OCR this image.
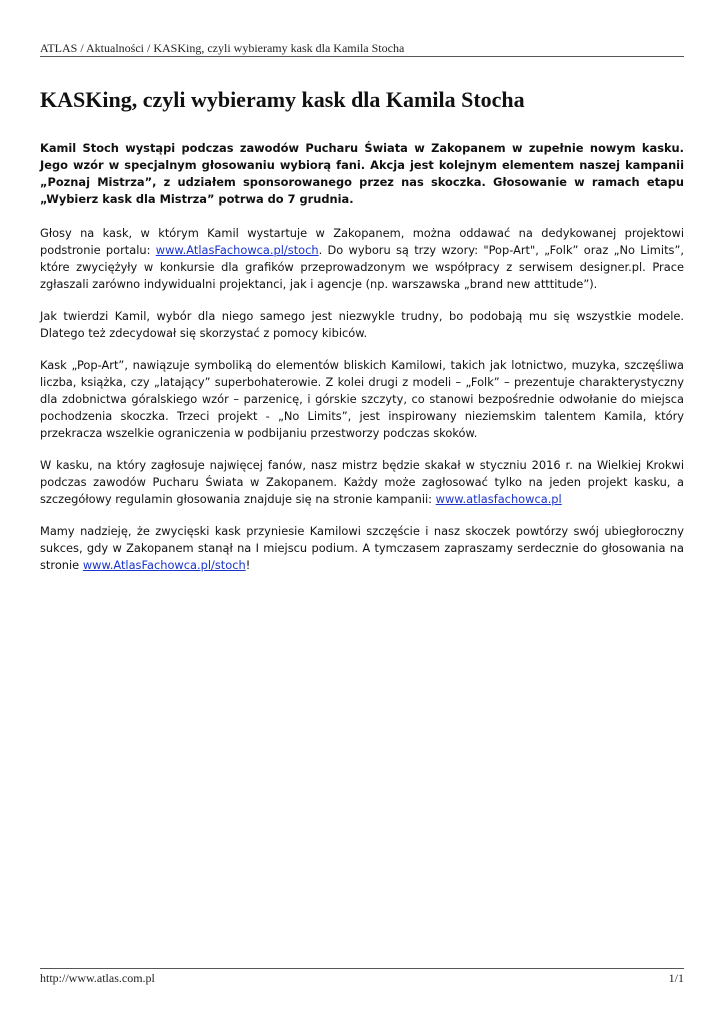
ATLAS / Aktualności / KASKing, czyli wybieramy kask dla Kamila Stocha
KASKing, czyli wybieramy kask dla Kamila Stocha

Kamil Stoch wystąpi podczas zawodów Pucharu Świata w Zakopanem w zupełnie nowym kasku. Jego wzór w specjalnym głosowaniu wybiorą fani. Akcja jest kolejnym elementem naszej kampanii „Poznaj Mistrza”, z udziałem sponsorowanego przez nas skoczka. Głosowanie w ramach etapu „Wybierz kask dla Mistrza” potrwa do 7 grudnia.

Głosy na kask, w którym Kamil wystartuje w Zakopanem, można oddawać na dedykowanej projektowi podstronie portalu: www.AtlasFachowca.pl/stoch. Do wyboru są trzy wzory: "Pop-Art", „Folk” oraz „No Limits”, które zwyciężyły w konkursie dla grafików przeprowadzonym we współpracy z serwisem designer.pl. Prace zgłaszali zarówno indywidualni projektanci, jak i agencje (np. warszawska „brand new atttitude”).

Jak twierdzi Kamil, wybór dla niego samego jest niezwykle trudny, bo podobają mu się wszystkie modele. Dlatego też zdecydował się skorzystać z pomocy kibiców.

Kask „Pop-Art”, nawiązuje symboliką do elementów bliskich Kamilowi, takich jak lotnictwo, muzyka, szczęśliwa liczba, książka, czy „latający” superbohaterowie. Z kolei drugi z modeli – „Folk” – prezentuje charakterystyczny dla zdobnictwa góralskiego wzór – parzenicę, i górskie szczyty, co stanowi bezpośrednie odwołanie do miejsca pochodzenia skoczka. Trzeci projekt - „No Limits”, jest inspirowany nieziemskim talentem Kamila, który przekracza wszelkie ograniczenia w podbijaniu przestworzy podczas skoków.

W kasku, na który zagłosuje najwięcej fanów, nasz mistrz będzie skakał w styczniu 2016 r. na Wielkiej Krokwi podczas zawodów Pucharu Świata w Zakopanem. Każdy może zagłosować tylko na jeden projekt kasku, a szczegółowy regulamin głosowania znajduje się na stronie kampanii: www.atlasfachowca.pl

Mamy nadzieję, że zwycięski kask przyniesie Kamilowi szczęście i nasz skoczek powtórzy swój ubiegłoroczny sukces, gdy w Zakopanem stanął na I miejscu podium. A tymczasem zapraszamy serdecznie do głosowania na stronie www.AtlasFachowca.pl/stoch!

http://www.atlas.com.pl	1/1
